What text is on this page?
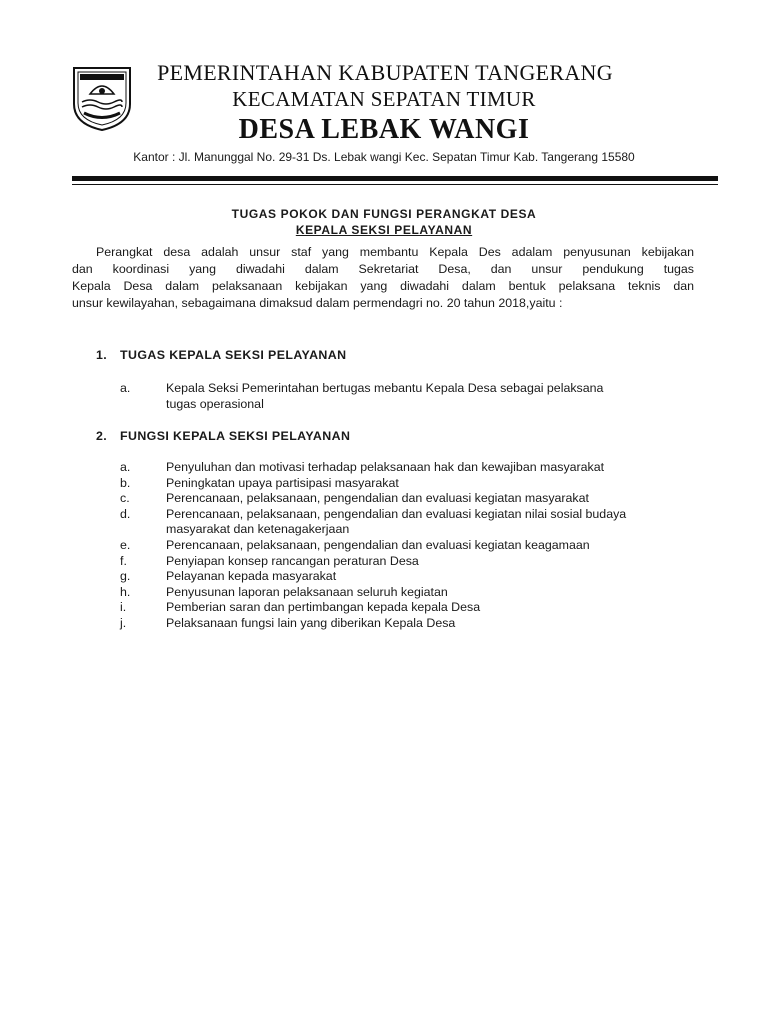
PEMERINTAHAN KABUPATEN TANGERANG
KECAMATAN SEPATAN TIMUR
DESA LEBAK WANGI
Kantor : Jl. Manunggal No. 29-31 Ds. Lebak wangi Kec. Sepatan Timur Kab. Tangerang 15580
TUGAS POKOK DAN FUNGSI PERANGKAT DESA
KEPALA SEKSI PELAYANAN
Perangkat desa adalah unsur staf yang membantu Kepala Des adalam penyusunan kebijakan
dan koordinasi yang diwadahi dalam Sekretariat Desa, dan unsur pendukung tugas
Kepala Desa dalam pelaksanaan kebijakan yang diwadahi dalam bentuk pelaksana teknis dan
unsur kewilayahan, sebagaimana dimaksud dalam permendagri no. 20 tahun 2018,yaitu :
1. TUGAS KEPALA SEKSI PELAYANAN
a.	Kepala Seksi Pemerintahan bertugas mebantu Kepala Desa sebagai pelaksana
tugas operasional
2. FUNGSI KEPALA SEKSI PELAYANAN
a.	Penyuluhan dan motivasi terhadap pelaksanaan hak dan kewajiban masyarakat
b.	Peningkatan upaya partisipasi masyarakat
c.	Perencanaan, pelaksanaan, pengendalian dan evaluasi kegiatan masyarakat
d.	Perencanaan, pelaksanaan, pengendalian dan evaluasi kegiatan nilai sosial budaya
masyarakat dan ketenagakerjaan
e.	Perencanaan, pelaksanaan, pengendalian dan evaluasi kegiatan keagamaan
f.	Penyiapan konsep rancangan peraturan Desa
g.	Pelayanan kepada masyarakat
h.	Penyusunan laporan pelaksanaan seluruh kegiatan
i.	Pemberian saran dan pertimbangan kepada kepala Desa
j.	Pelaksanaan fungsi lain yang diberikan Kepala Desa
